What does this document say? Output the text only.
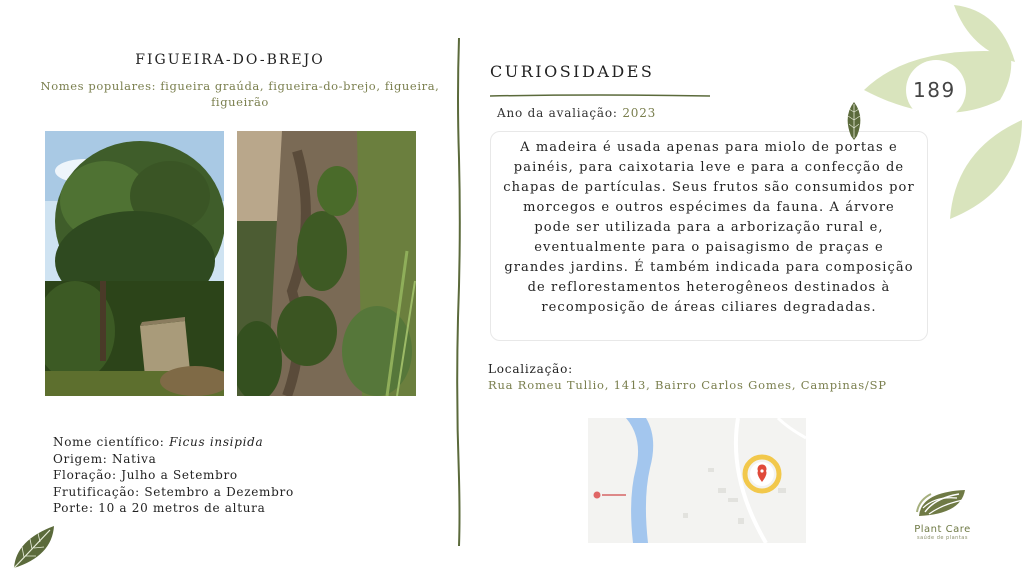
FIGUEIRA-DO-BREJO
Nomes populares: figueira graúda, figueira-do-brejo, figueira, figueirão
Nome científico: Ficus insipida
Origem: Nativa
Floração: Julho a Setembro
Frutificação: Setembro a Dezembro
Porte: 10 a 20 metros de altura
CURIOSIDADES
Ano da avaliação: 2023
A madeira é usada apenas para miolo de portas e painéis, para caixotaria leve e para a confecção de chapas de partículas. Seus frutos são consumidos por morcegos e outros espécimes da fauna. A árvore pode ser utilizada para a arborização rural e, eventualmente para o paisagismo de praças e grandes jardins. É também indicada para composição de reflorestamentos heterogêneos destinados à recomposição de áreas ciliares degradadas.
Localização:
Rua Romeu Tullio, 1413, Bairro Carlos Gomes, Campinas/SP
189
Plant Care
saúde de plantas
